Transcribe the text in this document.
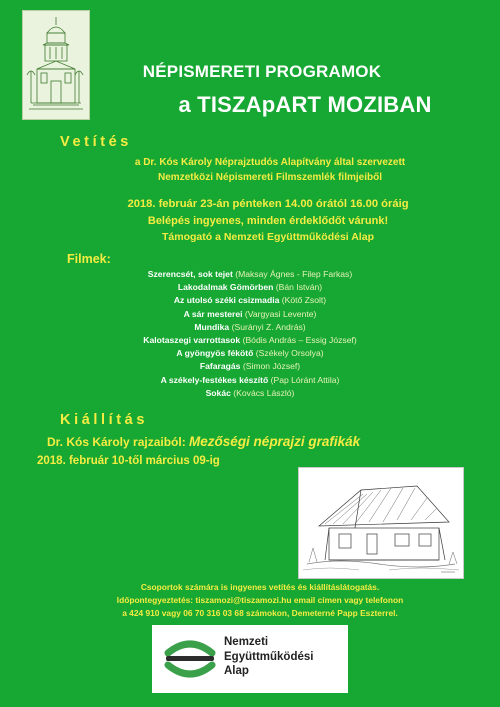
NÉPISMERETI PROGRAMOK
a TISZApART MOZIBAN
Vetítés
a Dr. Kós Károly Néprajztudós Alapítvány által szervezett
Nemzetközi Népismereti Filmszemlék filmjeiből
2018. február 23-án pénteken 14.00 órától 16.00 óráig
Belépés ingyenes, minden érdeklődőt várunk!
Támogató a Nemzeti Együttműködési Alap
Filmek:
Szerencsét, sok tejet (Maksay Ágnes - Filep Farkas)
Lakodalmak Gömörben (Bán István)
Az utolsó széki csizmadia (Kötő Zsolt)
A sár mesterei (Vargyasi Levente)
Mundika (Surányi Z. András)
Kalotaszegi varrottasok (Bódis András – Essig József)
A gyöngyös fékötő (Székely Orsolya)
Fafaragás (Simon József)
A székely-festékes készítő (Pap Lóránt Attila)
Sokác (Kovács László)
Kiállítás
Dr. Kós Károly rajzaiból: Mezőségi néprajzi grafikák
2018. február 10-től március 09-ig
Csoportok számára is ingyenes vetítés és kiállításlátogatás.
Időpontegyeztetés: tiszamozi@tiszamozi.hu email címen vagy telefonon
a 424 910 vagy 06 70 316 03 68 számokon, Demeterné Papp Eszterrel.
Nemzeti
Együttműködési
Alap
